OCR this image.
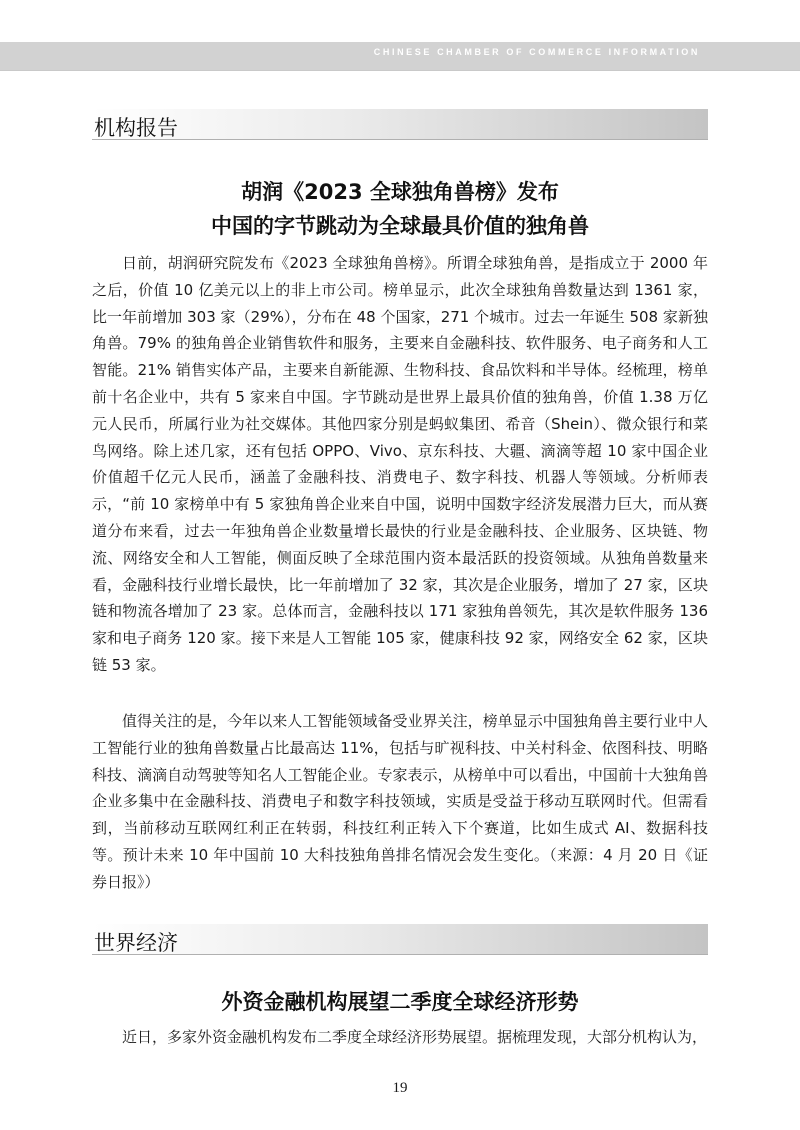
CHINESE CHAMBER OF COMMERCE INFORMATION
机构报告
胡润《2023 全球独角兽榜》发布
中国的字节跳动为全球最具价值的独角兽

日前，胡润研究院发布《2023 全球独角兽榜》。所谓全球独角兽，是指成立于 2000 年之后，价值 10 亿美元以上的非上市公司。榜单显示，此次全球独角兽数量达到 1361 家，比一年前增加 303 家（29%），分布在 48 个国家，271 个城市。过去一年诞生 508 家新独角兽。79% 的独角兽企业销售软件和服务，主要来自金融科技、软件服务、电子商务和人工智能。21% 销售实体产品，主要来自新能源、生物科技、食品饮料和半导体。经梳理，榜单前十名企业中，共有 5 家来自中国。字节跳动是世界上最具价值的独角兽，价值 1.38 万亿元人民币，所属行业为社交媒体。其他四家分别是蚂蚁集团、希音（Shein）、微众银行和菜鸟网络。除上述几家，还有包括 OPPO、Vivo、京东科技、大疆、滴滴等超 10 家中国企业价值超千亿元人民币，涵盖了金融科技、消费电子、数字科技、机器人等领域。分析师表示，“前 10 家榜单中有 5 家独角兽企业来自中国，说明中国数字经济发展潜力巨大，而从赛道分布来看，过去一年独角兽企业数量增长最快的行业是金融科技、企业服务、区块链、物流、网络安全和人工智能，侧面反映了全球范围内资本最活跃的投资领域。从独角兽数量来看，金融科技行业增长最快，比一年前增加了 32 家，其次是企业服务，增加了 27 家，区块链和物流各增加了 23 家。总体而言，金融科技以 171 家独角兽领先，其次是软件服务 136 家和电子商务 120 家。接下来是人工智能 105 家，健康科技 92 家，网络安全 62 家，区块链 53 家。

值得关注的是，今年以来人工智能领域备受业界关注，榜单显示中国独角兽主要行业中人工智能行业的独角兽数量占比最高达 11%，包括与旷视科技、中关村科金、依图科技、明略科技、滴滴自动驾驶等知名人工智能企业。专家表示，从榜单中可以看出，中国前十大独角兽企业多集中在金融科技、消费电子和数字科技领域，实质是受益于移动互联网时代。但需看到，当前移动互联网红利正在转弱，科技红利正转入下个赛道，比如生成式 AI、数据科技等。预计未来 10 年中国前 10 大科技独角兽排名情况会发生变化。（来源：4 月 20 日《证券日报》）

世界经济
外资金融机构展望二季度全球经济形势

近日，多家外资金融机构发布二季度全球经济形势展望。据梳理发现，大部分机构认为，

19
